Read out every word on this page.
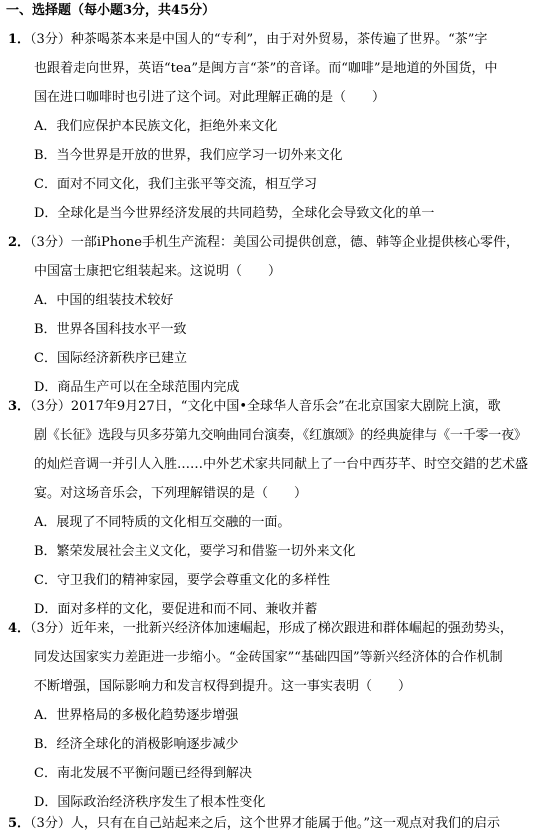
一、选择题（每小题3分，共45分）
1．（3分）种茶喝茶本来是中国人的“专利”，由于对外贸易，茶传遍了世界。“茶”字
也跟着走向世界，英语“tea”是闽方言“茶”的音译。而“咖啡”是地道的外国货，中
国在进口咖啡时也引进了这个词。对此理解正确的是（　　）
A．我们应保护本民族文化，拒绝外来文化
B．当今世界是开放的世界，我们应学习一切外来文化
C．面对不同文化，我们主张平等交流，相互学习
D．全球化是当今世界经济发展的共同趋势，全球化会导致文化的单一
2．（3分）一部iPhone手机生产流程：美国公司提供创意，德、韩等企业提供核心零件，
中国富士康把它组装起来。这说明（　　）
A．中国的组装技术较好
B．世界各国科技水平一致
C．国际经济新秩序已建立
D．商品生产可以在全球范围内完成
3．（3分）2017年9月27日，“文化中国•全球华人音乐会”在北京国家大剧院上演，歌
剧《长征》选段与贝多芬第九交响曲同台演奏，《红旗颂》的经典旋律与《一千零一夜》
的灿烂音调一并引人入胜……中外艺术家共同献上了一台中西芬芊、时空交錯的艺术盛
宴。对这场音乐会，下列理解错误的是（　　）
A．展现了不同特质的文化相互交融的一面。
B．繁荣发展社会主义文化，要学习和借鉴一切外来文化
C．守卫我们的精神家园，要学会尊重文化的多样性
D．面对多样的文化，要促进和而不同、兼收并蓄
4．（3分）近年来，一批新兴经济体加速崛起，形成了梯次跟进和群体崛起的强劲势头，
同发达国家实力差距进一步缩小。“金砖国家”“基础四国”等新兴经济体的合作机制
不断增强，国际影响力和发言权得到提升。这一事实表明（　　）
A．世界格局的多极化趋势逐步增强
B．经济全球化的消极影响逐步减少
C．南北发展不平衡问题已经得到解决
D．国际政治经济秩序发生了根本性变化
5．（3分）人，只有在自己站起来之后，这个世界才能属于他。”这一观点对我们的启示
